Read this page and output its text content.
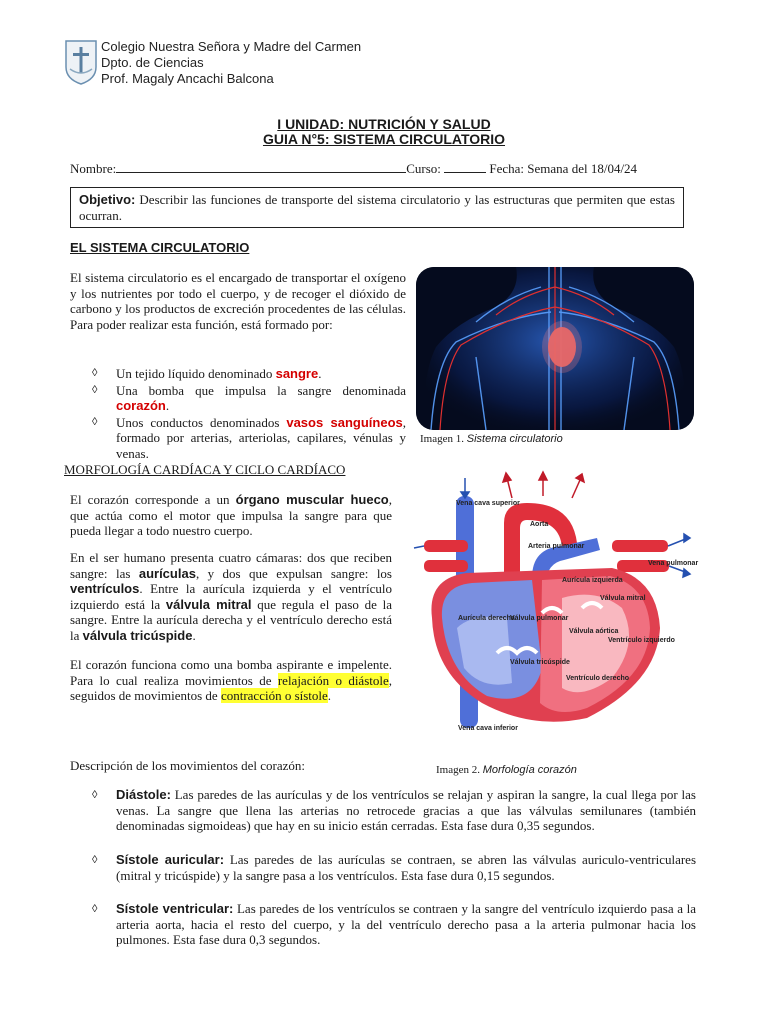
Colegio Nuestra Señora y Madre del Carmen
Dpto. de Ciencias
Prof. Magaly Ancachi Balcona
I UNIDAD: NUTRICIÓN Y SALUD
GUIA N°5: SISTEMA CIRCULATORIO
Nombre:	Curso:	Fecha: Semana del 18/04/24
Objetivo: Describir las funciones de transporte del sistema circulatorio y las estructuras que permiten que estas ocurran.
EL SISTEMA CIRCULATORIO
El sistema circulatorio es el encargado de transportar el oxígeno y los nutrientes por todo el cuerpo, y de recoger el dióxido de carbono y los productos de excreción procedentes de las células. Para poder realizar esta función, está formado por:
◊ Un tejido líquido denominado sangre.
◊ Una bomba que impulsa la sangre denominada corazón.
◊ Unos conductos denominados vasos sanguíneos, formado por arterias, arteriolas, capilares, vénulas y venas.
Imagen 1. Sistema circulatorio
MORFOLOGÍA CARDÍACA Y CICLO CARDÍACO
El corazón corresponde a un órgano muscular hueco, que actúa como el motor que impulsa la sangre para que pueda llegar a todo nuestro cuerpo.
En el ser humano presenta cuatro cámaras: dos que reciben sangre: las aurículas, y dos que expulsan sangre: los ventrículos. Entre la aurícula izquierda y el ventrículo izquierdo está la válvula mitral que regula el paso de la sangre. Entre la aurícula derecha y el ventrículo derecho está la válvula tricúspide.
El corazón funciona como una bomba aspirante e impelente. Para lo cual realiza movimientos de relajación o diástole, seguidos de movimientos de contracción o sístole.
Vena cava superior
Aorta
Arteria pulmonar
Vena pulmonar
Aurícula izquierda
Aurícula derecha
Válvula mitral
Válvula pulmonar
Válvula aórtica
Ventrículo izquierdo
Válvula tricúspide
Ventrículo derecho
Vena cava inferior
Imagen 2. Morfología corazón
Descripción de los movimientos del corazón:
◊ Diástole: Las paredes de las aurículas y de los ventrículos se relajan y aspiran la sangre, la cual llega por las venas. La sangre que llena las arterias no retrocede gracias a que las válvulas semilunares (también denominadas sigmoideas) que hay en su inicio están cerradas. Esta fase dura 0,35 segundos.
◊ Sístole auricular: Las paredes de las aurículas se contraen, se abren las válvulas auriculo-ventriculares (mitral y tricúspide) y la sangre pasa a los ventrículos. Esta fase dura 0,15 segundos.
◊ Sístole ventricular: Las paredes de los ventrículos se contraen y la sangre del ventrículo izquierdo pasa a la arteria aorta, hacia el resto del cuerpo, y la del ventrículo derecho pasa a la arteria pulmonar hacia los pulmones. Esta fase dura 0,3 segundos.
